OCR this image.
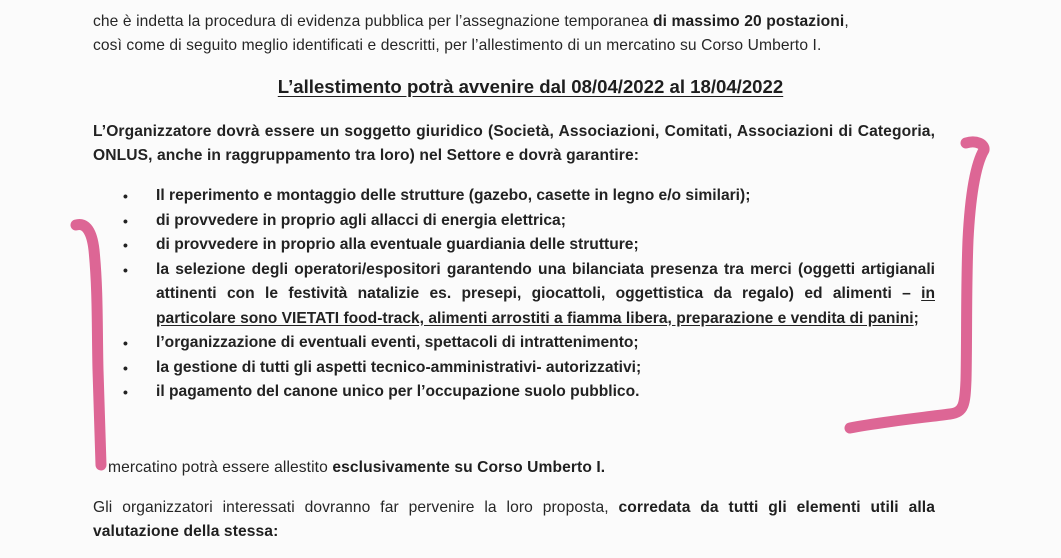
che è indetta la procedura di evidenza pubblica per l’assegnazione temporanea di massimo 20 postazioni,
così come di seguito meglio identificati e descritti, per l’allestimento di un mercatino su Corso Umberto I.

L’allestimento potrà avvenire dal 08/04/2022 al 18/04/2022

L’Organizzatore dovrà essere un soggetto giuridico (Società, Associazioni, Comitati, Associazioni di Categoria, ONLUS, anche in raggruppamento tra loro) nel Settore e dovrà garantire:

• Il reperimento e montaggio delle strutture (gazebo, casette in legno e/o similari);
• di provvedere in proprio agli allacci di energia elettrica;
• di provvedere in proprio alla eventuale guardiania delle strutture;
• la selezione degli operatori/espositori garantendo una bilanciata presenza tra merci (oggetti artigianali attinenti con le festività natalizie es. presepi, giocattoli, oggettistica da regalo) ed alimenti – in particolare sono VIETATI food-track, alimenti arrostiti a fiamma libera, preparazione e vendita di panini;
• l’organizzazione di eventuali eventi, spettacoli di intrattenimento;
• la gestione di tutti gli aspetti tecnico-amministrativi- autorizzativi;
• il pagamento del canone unico per l’occupazione suolo pubblico.

mercatino potrà essere allestito esclusivamente su Corso Umberto I.

Gli organizzatori interessati dovranno far pervenire la loro proposta, corredata da tutti gli elementi utili alla valutazione della stessa:
